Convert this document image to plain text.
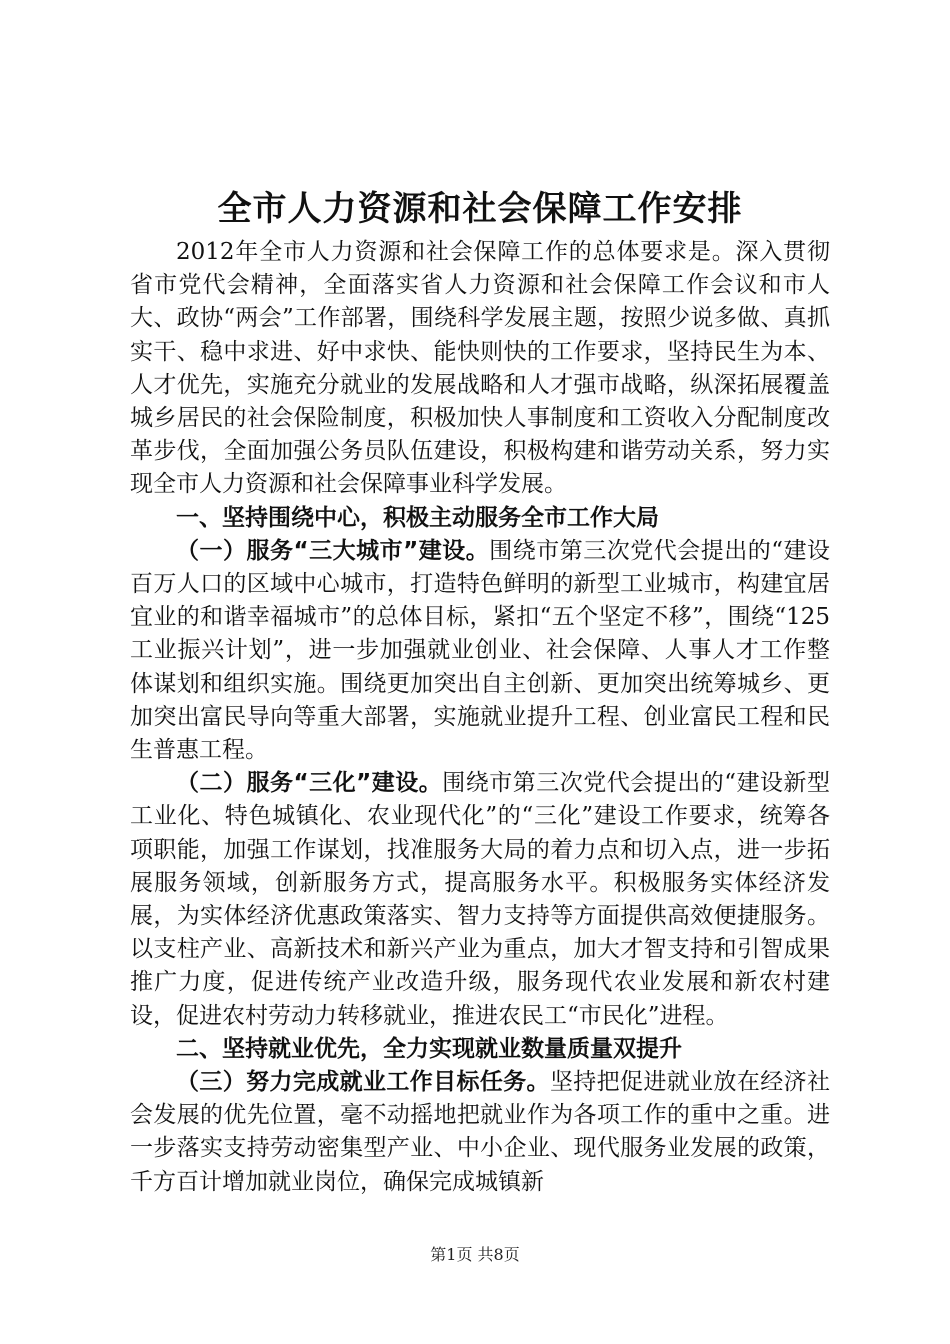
全市人力资源和社会保障工作安排

2012年全市人力资源和社会保障工作的总体要求是。深入贯彻省市党代会精神，全面落实省人力资源和社会保障工作会议和市人大、政协“两会”工作部署，围绕科学发展主题，按照少说多做、真抓实干、稳中求进、好中求快、能快则快的工作要求，坚持民生为本、人才优先，实施充分就业的发展战略和人才强市战略，纵深拓展覆盖城乡居民的社会保险制度，积极加快人事制度和工资收入分配制度改革步伐，全面加强公务员队伍建设，积极构建和谐劳动关系，努力实现全市人力资源和社会保障事业科学发展。

一、坚持围绕中心，积极主动服务全市工作大局

（一）服务“三大城市”建设。围绕市第三次党代会提出的“建设百万人口的区域中心城市，打造特色鲜明的新型工业城市，构建宜居宜业的和谐幸福城市”的总体目标，紧扣“五个坚定不移”，围绕“125工业振兴计划”，进一步加强就业创业、社会保障、人事人才工作整体谋划和组织实施。围绕更加突出自主创新、更加突出统筹城乡、更加突出富民导向等重大部署，实施就业提升工程、创业富民工程和民生普惠工程。

（二）服务“三化”建设。围绕市第三次党代会提出的“建设新型工业化、特色城镇化、农业现代化”的“三化”建设工作要求，统筹各项职能，加强工作谋划，找准服务大局的着力点和切入点，进一步拓展服务领域，创新服务方式，提高服务水平。积极服务实体经济发展，为实体经济优惠政策落实、智力支持等方面提供高效便捷服务。以支柱产业、高新技术和新兴产业为重点，加大才智支持和引智成果推广力度，促进传统产业改造升级，服务现代农业发展和新农村建设，促进农村劳动力转移就业，推进农民工“市民化”进程。

二、坚持就业优先，全力实现就业数量质量双提升

（三）努力完成就业工作目标任务。坚持把促进就业放在经济社会发展的优先位置，毫不动摇地把就业作为各项工作的重中之重。进一步落实支持劳动密集型产业、中小企业、现代服务业发展的政策，千方百计增加就业岗位，确保完成城镇新

第1页 共8页
